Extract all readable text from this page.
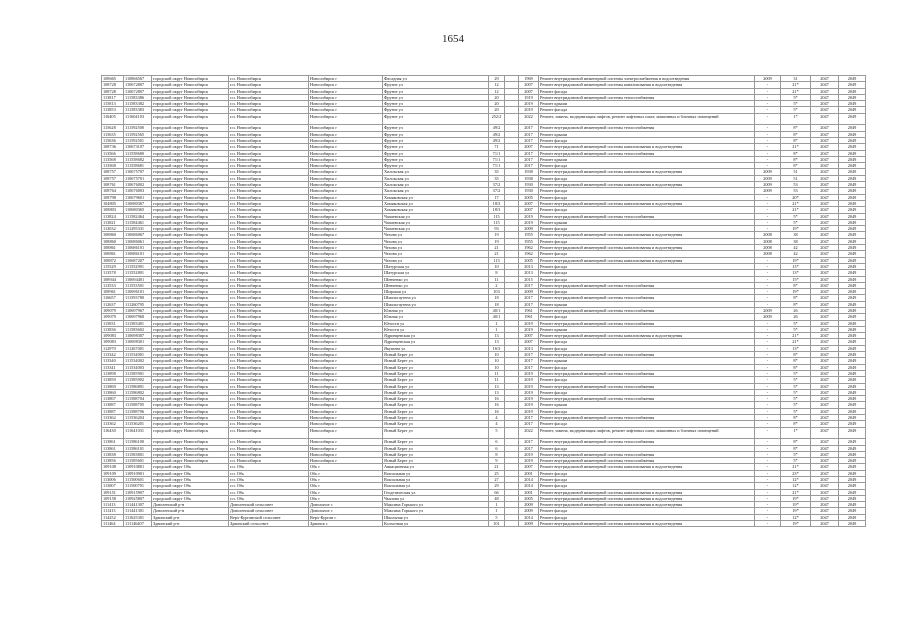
1654
108665	110866567	городской округ Новосибирск	г.п. Новосибирск	Новосибирск г	Фасадная ул	29		1969	Ремонт внутридомовой инженерной системы электроснабжения и водоотведения	2009	31	2047	2049
108728	110672807	городской округ Новосибирск	г.п. Новосибирск	Новосибирск г	Фрунзе ул	12		2007	Ремонт внутридомовой инженерной системы канализования и водоотведения	-	21*	2047	2049
108728	110672807	городской округ Новосибирск	г.п. Новосибирск	Новосибирск г	Фрунзе ул	12		2007	Ремонт фасада	-	21*	2047	2049
113817	111583386	городской округ Новосибирск	г.п. Новосибирск	Новосибирск г	Фрунзе ул	20		1919	Ремонт внутридомовой инженерной системы теплоснабжения	-	5*	2047	2049
115813	111583382	городской округ Новосибирск	г.п. Новосибирск	Новосибирск г	Фрунзе ул	20		2019	Ремонт крыши	-	5*	2047	2049
113853	111583383	городской округ Новосибирск	г.п. Новосибирск	Новосибирск г	Фрунзе ул	20		2019	Ремонт фасада	-	5*	2047	2049
116405	111604103	городской округ Новосибирск	г.п. Новосибирск	Новосибирск г	Фрунзе ул	252/2		2022	Ремонт, замена, модернизация лифтов, ремонт лифтовых шахт, машинных и блочных помещений	-	1*	2047	2049
115628	111592500	городской округ Новосибирск	г.п. Новосибирск	Новосибирск г	Фрунзе ул	49/2		2017	Ремонт внутридомовой инженерной системы теплоснабжения	-	8*	2047	2049
115635	111592565	городской округ Новосибирск	г.п. Новосибирск	Новосибирск г	Фрунзе ул	49/2		2017	Ремонт крыши	-	8*	2047	2049
115636	111592501	городской округ Новосибирск	г.п. Новосибирск	Новосибирск г	Фрунзе ул	49/2		2017	Ремонт фасада	-	8*	2047	2049
108736	110673107	городской округ Новосибирск	г.п. Новосибирск	Новосибирск г	Фрунзе ул	71		2007	Ремонт внутридомовой инженерной системы канализования и водоотведения	-	21*	2047	2049
113566	111558680	городской округ Новосибирск	г.п. Новосибирск	Новосибирск г	Фрунзе ул	71/1		2017	Ремонт внутридомовой инженерной системы теплоснабжения	-	8*	2047	2049
113568	111558682	городской округ Новосибирск	г.п. Новосибирск	Новосибирск г	Фрунзе ул	71/1		2017	Ремонт крыши	-	8*	2047	2049
113568	111558681	городской округ Новосибирск	г.п. Новосибирск	Новосибирск г	Фрунзе ул	71/1		2017	Ремонт фасада	-	8*	2047	2049
108757	110675707	городской округ Новосибирск	г.п. Новосибирск	Новосибирск г	Хилокская ул	35		1938	Ремонт внутридомовой инженерной системы канализования и водоотведения	2009	51	2047	2049
108757	110675701	городской округ Новосибирск	г.п. Новосибирск	Новосибирск г	Хилокская ул	35		1938	Ремонт фасада	2009	51	2047	2049
108761	110676002	городской округ Новосибирск	г.п. Новосибирск	Новосибирск г	Хилокская ул	37/2		1930	Ремонт внутридомовой инженерной системы канализования и водоотведения	2009	53	2047	2049
108764	110676003	городской округ Новосибирск	г.п. Новосибирск	Новосибирск г	Хилокская ул	37/2		1930	Ремонт фасада	2009	53	2047	2049
108798	110679601	городской округ Новосибирск	г.п. Новосибирск	Новосибирск г	Хомяковская ул	17		2005	Ремонт фасада	-	20*	2047	2049
104805	110680367	городской округ Новосибирск	г.п. Новосибирск	Новосибирск г	Хомяковская ул	18/3		2007	Ремонт внутридомовой инженерной системы канализования и водоотведения	-	21*	2047	2049
108803	110680365	городской округ Новосибирск	г.п. Новосибирск	Новосибирск г	Хомяковская ул	18/3		2007	Ремонт фасада	-	21*	2047	2049
113824	111582464	городской округ Новосибирск	г.п. Новосибирск	Новосибирск г	Чапаевская ул	115		2019	Ремонт внутридомовой инженерной системы теплоснабжения	-	5*	2047	2049
113821	111584461	городской округ Новосибирск	г.п. Новосибирск	Новосибирск г	Чапаевская ул	115		2019	Ремонт крыши	-	5*	2047	2049
112032	111295331	городской округ Новосибирск	г.п. Новосибирск	Новосибирск г	Чапаевская ул	93		2009	Ремонт фасада	-	19*	2047	2049
108860	110686067	городской округ Новосибирск	г.п. Новосибирск	Новосибирск г	Чехова ул	19		1955	Ремонт внутридомовой инженерной системы канализования и водоотведения	2008	38	2047	2049
108860	110686061	городской округ Новосибирск	г.п. Новосибирск	Новосибирск г	Чехова ул	19		1955	Ремонт фасада	2008	38	2047	2049
108861	110686101	городской округ Новосибирск	г.п. Новосибирск	Новосибирск г	Чехова ул	21		1962	Ремонт внутридомовой инженерной системы канализования и водоотведения	2008	42	2047	2049
108861	110686101	городской округ Новосибирск	г.п. Новосибирск	Новосибирск г	Чехова ул	21		1962	Ремонт фасада	2008	42	2047	2049
108872	110687207	городской округ Новосибирск	г.п. Новосибирск	Новосибирск г	Чехова ул	113		2005	Ремонт внутридомовой инженерной системы канализования и водоотведения	-	19*	2047	2049
115529	111552901	городской округ Новосибирск	г.п. Новосибирск	Новосибирск г	Шатурская ул	10		2013	Ремонт фасада	-	13*	2047	2049
113578	111552801	городской округ Новосибирск	г.п. Новосибирск	Новосибирск г	Шатурская ул	8		2013	Ремонт фасада	-	13*	2047	2049
108944	110694401	городской округ Новосибирск	г.п. Новосибирск	Новосибирск г	Шевченко ул	11		2015	Ремонт фасада	-	15*	2047	2049
113533	111553501	городской округ Новосибирск	г.п. Новосибирск	Новосибирск г	Шевченко ул	2		2017	Ремонт внутридомовой инженерной системы теплоснабжения	-	8*	2047	2049
108961	110696101	городской округ Новосибирск	г.п. Новосибирск	Новосибирск г	Широкая ул	103		2009	Ремонт фасада	-	19*	2047	2049
116657	111593780	городской округ Новосибирск	г.п. Новосибирск	Новосибирск г	Шмальгаузена ул	18		2017	Ремонт внутридомовой инженерной системы теплоснабжения	-	8*	2047	2049
112637	111260795	городской округ Новосибирск	г.п. Новосибирск	Новосибирск г	Шмальгаузена ул	18		2017	Ремонт крыши	-	8*	2047	2049
109079	110697967	городской округ Новосибирск	г.п. Новосибирск	Новосибирск г	Южная ул	40/1		1961	Ремонт внутридомовой инженерной системы теплоснабжения	2009	26	2047	2049
109079	110697960	городской округ Новосибирск	г.п. Новосибирск	Новосибирск г	Южная ул	40/1		1961	Ремонт фасада	2009	26	2047	2049
115831	111583401	городской округ Новосибирск	г.п. Новосибирск	Новосибирск г	Юности ул	1		2019	Ремонт внутридомовой инженерной системы теплоснабжения	-	5*	2047	2049
113836	111583602	городской округ Новосибирск	г.п. Новосибирск	Новосибирск г	Юности ул	1		2019	Ремонт крыши	-	5*	2047	2049
109083	110698307	городской округ Новосибирск	г.п. Новосибирск	Новосибирск г	Ядринцевская ул	13		2007	Ремонт внутридомовой инженерной системы канализования и водоотведения	-	21*	2047	2049
109083	110698301	городской округ Новосибирск	г.п. Новосибирск	Новосибирск г	Ядринцевская ул	13		2007	Ремонт фасада	-	21*	2047	2049
112970	111267001	городской округ Новосибирск	г.п. Новосибирск	Новосибирск г	Якушева ул	16/3		2013	Ремонт фасада	-	13*	2047	2049
113342	111534001	городской округ Новосибирск	г.п. Новосибирск	Новосибирск г	Ясный Берег ул	10		2017	Ремонт внутридомовой инженерной системы теплоснабжения	-	8*	2047	2049
113340	111534002	городской округ Новосибирск	г.п. Новосибирск	Новосибирск г	Ясный Берег ул	10		2017	Ремонт крыши	-	8*	2047	2049
113341	111534003	городской округ Новосибирск	г.п. Новосибирск	Новосибирск г	Ясный Берег ул	10		2017	Ремонт фасада	-	8*	2047	2049
113898	111585901	городской округ Новосибирск	г.п. Новосибирск	Новосибирск г	Ясный Берег ул	11		2019	Ремонт внутридомовой инженерной системы теплоснабжения	-	5*	2047	2049
113859	111585902	городской округ Новосибирск	г.п. Новосибирск	Новосибирск г	Ясный Берег ул	11		2019	Ремонт фасада	-	5*	2047	2049
113869	111586801	городской округ Новосибирск	г.п. Новосибирск	Новосибирск г	Ясный Берег ул	13		2019	Ремонт внутридомовой инженерной системы теплоснабжения	-	5*	2047	2049
113860	111586802	городской округ Новосибирск	г.п. Новосибирск	Новосибирск г	Ясный Берег ул	13		2019	Ремонт фасада	-	5*	2047	2049
113867	111588704	городской округ Новосибирск	г.п. Новосибирск	Новосибирск г	Ясный Берег ул	16		2019	Ремонт внутридомовой инженерной системы теплоснабжения	-	5*	2047	2049
113887	111588705	городской округ Новосибирск	г.п. Новосибирск	Новосибирск г	Ясный Берег ул	16		2019	Ремонт крыши	-	5*	2047	2049
113887	111588706	городской округ Новосибирск	г.п. Новосибирск	Новосибирск г	Ясный Берег ул	16		2019	Ремонт фасада	-	5*	2047	2049
113362	111536204	городской округ Новосибирск	г.п. Новосибирск	Новосибирск г	Ясный Берег ул	4		2017	Ремонт внутридомовой инженерной системы теплоснабжения	-	8*	2047	2049
113362	111536201	городской округ Новосибирск	г.п. Новосибирск	Новосибирск г	Ясный Берег ул	4		2017	Ремонт фасада	-	8*	2047	2049
116430	111641031	городской округ Новосибирск	г.п. Новосибирск	Новосибирск г	Ясный Берег ул	5		2022	Ремонт, замена, модернизация лифтов, ремонт лифтовых шахт, машинных и блочных помещений	-	1*	2047	2049
113861	111586100	городской округ Новосибирск	г.п. Новосибирск	Новосибирск г	Ясный Берег ул	6		2017	Ремонт внутридомовой инженерной системы теплоснабжения	-	8*	2047	2049
113861	111586101	городской округ Новосибирск	г.п. Новосибирск	Новосибирск г	Ясный Берег ул	6		2017	Ремонт фасада	-	8*	2047	2049
113838	111583801	городской округ Новосибирск	г.п. Новосибирск	Новосибирск г	Ясный Берег ул	8		2019	Ремонт внутридомовой инженерной системы теплоснабжения	-	5*	2047	2049
113856	111585601	городской округ Новосибирск	г.п. Новосибирск	Новосибирск г	Ясный Берег ул	9		2019	Ремонт внутридомовой инженерной системы теплоснабжения	-	5*	2047	2049
109108	110910801	городской округ Обь	г.п. Обь	Обь г	Авиационная ул	21		2007	Ремонт внутридомовой инженерной системы канализования и водоотведения	-	21*	2047	2049
109109	110910901	городской округ Обь	г.п. Обь	Обь г	Вокзальная ул	25		2001	Ремонт фасада	-	23*	2047	2049
113006	111500601	городской округ Обь	г.п. Обь	Обь г	Вокзальная ул	27		2014	Ремонт фасада	-	12*	2047	2049
113007	111500701	городской округ Обь	г.п. Обь	Обь г	Вокзальная ул	29		2014	Ремонт фасада	-	12*	2047	2049
109151	110915907	городской округ Обь	г.п. Обь	Обь г	Геодезическая ул	66		2001	Ремонт внутридомовой инженерной системы канализования и водоотведения	-	21*	2047	2049
109158	110925807	городской округ Обь	г.п. Обь	Обь г	Чкалова ул	48		2005	Ремонт внутридомовой инженерной системы канализования и водоотведения	-	19*	2047	2049
111413	111441307	Доволенский р-н	Доволенский сельсовет	Довольное с	Максима Горького ул	1		2009	Ремонт внутридомовой инженерной системы канализования и водоотведения	-	19*	2047	2049
111413	111441301	Доволенский р-н	Доволенский сельсовет	Довольное с	Максима Горького ул	1		2009	Ремонт фасада	-	19*	2047	2049
114252	111625301	Здвинский р-н	Верх-Курганский сельсовет	Верх-Курган с	Школьная ул	5		2014	Ремонт фасада	-	12*	2047	2049
111464	111146407	Здвинский р-н	Здвинский сельсовет	Здвинск с	Колхозная ул	101		2009	Ремонт внутридомовой инженерной системы канализования и водоотведения	-	19*	2047	2049
